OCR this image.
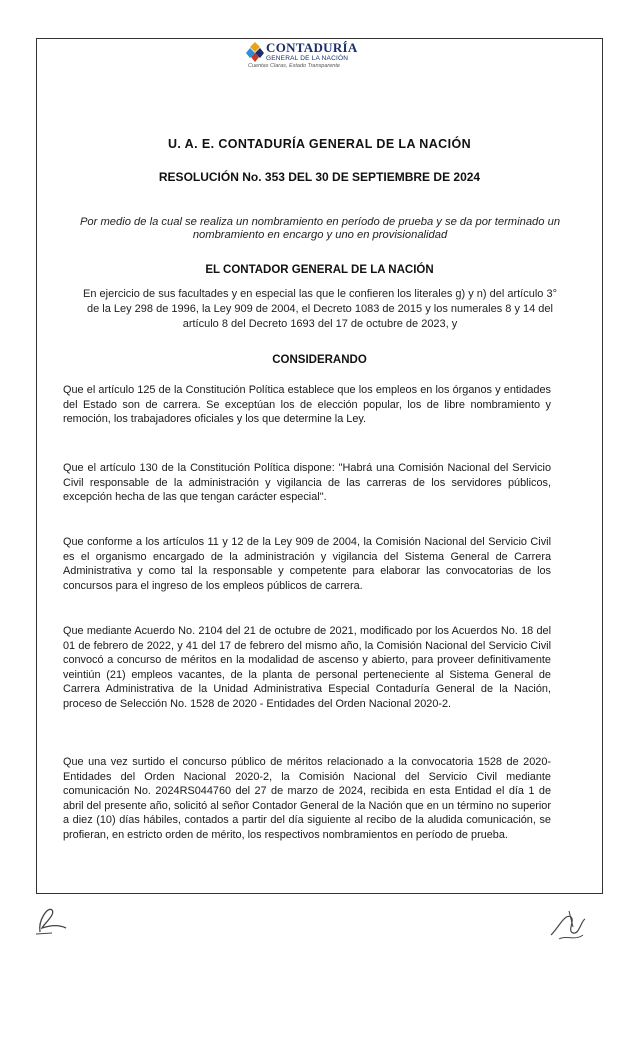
CONTADURÍA
GENERAL DE LA NACIÓN
Cuentas Claras, Estado Transparente
U. A. E. CONTADURÍA GENERAL DE LA NACIÓN
RESOLUCIÓN No. 353 DEL 30 DE SEPTIEMBRE DE 2024
Por medio de la cual se realiza un nombramiento en período de prueba y se da por terminado un nombramiento en encargo y uno en provisionalidad
EL CONTADOR GENERAL DE LA NACIÓN
En ejercicio de sus facultades y en especial las que le confieren los literales g) y n) del artículo 3° de la Ley 298 de 1996, la Ley 909 de 2004, el Decreto 1083 de 2015 y los numerales 8 y 14 del artículo 8 del Decreto 1693 del 17 de octubre de 2023, y
CONSIDERANDO
Que el artículo 125 de la Constitución Política establece que los empleos en los órganos y entidades del Estado son de carrera. Se exceptúan los de elección popular, los de libre nombramiento y remoción, los trabajadores oficiales y los que determine la Ley.
Que el artículo 130 de la Constitución Política dispone: "Habrá una Comisión Nacional del Servicio Civil responsable de la administración y vigilancia de las carreras de los servidores públicos, excepción hecha de las que tengan carácter especial".
Que conforme a los artículos 11 y 12 de la Ley 909 de 2004, la Comisión Nacional del Servicio Civil es el organismo encargado de la administración y vigilancia del Sistema General de Carrera Administrativa y como tal la responsable y competente para elaborar las convocatorias de los concursos para el ingreso de los empleos públicos de carrera.
Que mediante Acuerdo No. 2104 del 21 de octubre de 2021, modificado por los Acuerdos No. 18 del 01 de febrero de 2022, y 41 del 17 de febrero del mismo año, la Comisión Nacional del Servicio Civil convocó a concurso de méritos en la modalidad de ascenso y abierto, para proveer definitivamente veintiún (21) empleos vacantes, de la planta de personal perteneciente al Sistema General de Carrera Administrativa de la Unidad Administrativa Especial Contaduría General de la Nación, proceso de Selección No. 1528 de 2020 - Entidades del Orden Nacional 2020-2.
Que una vez surtido el concurso público de méritos relacionado a la convocatoria 1528 de 2020-Entidades del Orden Nacional 2020-2, la Comisión Nacional del Servicio Civil mediante comunicación No. 2024RS044760 del 27 de marzo de 2024, recibida en esta Entidad el día 1 de abril del presente año, solicitó al señor Contador General de la Nación que en un término no superior a diez (10) días hábiles, contados a partir del día siguiente al recibo de la aludida comunicación, se profieran, en estricto orden de mérito, los respectivos nombramientos en período de prueba.
